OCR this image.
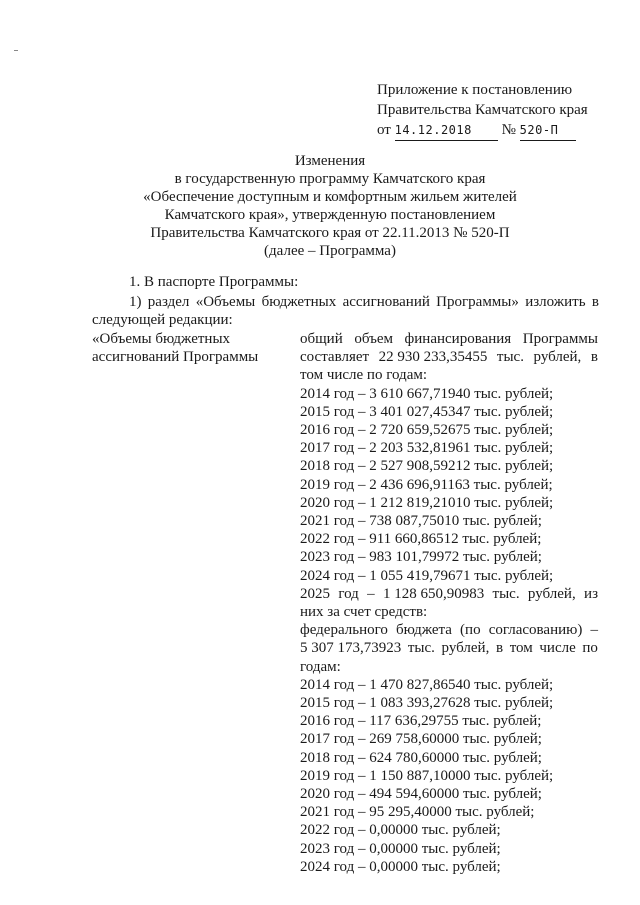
Приложение к постановлению
Правительства Камчатского края
от 14.12.2018 № 520-П
Изменения
в государственную программу Камчатского края
«Обеспечение доступным и комфортным жильем жителей
Камчатского края», утвержденную постановлением
Правительства Камчатского края от 22.11.2013 № 520-П
(далее – Программа)
1. В паспорте Программы:
1) раздел «Объемы бюджетных ассигнований Программы» изложить в
следующей редакции:
«Объемы бюджетных
ассигнований Программы
общий объем финансирования Программы
составляет 22 930 233,35455 тыс. рублей, в
том числе по годам:
2014 год – 3 610 667,71940 тыс. рублей;
2015 год – 3 401 027,45347 тыс. рублей;
2016 год – 2 720 659,52675 тыс. рублей;
2017 год – 2 203 532,81961 тыс. рублей;
2018 год – 2 527 908,59212 тыс. рублей;
2019 год – 2 436 696,91163 тыс. рублей;
2020 год – 1 212 819,21010 тыс. рублей;
2021 год – 738 087,75010 тыс. рублей;
2022 год – 911 660,86512 тыс. рублей;
2023 год – 983 101,79972 тыс. рублей;
2024 год – 1 055 419,79671 тыс. рублей;
2025 год – 1 128 650,90983 тыс. рублей, из
них за счет средств:
федерального бюджета (по согласованию) –
5 307 173,73923 тыс. рублей, в том числе по
годам:
2014 год – 1 470 827,86540 тыс. рублей;
2015 год – 1 083 393,27628 тыс. рублей;
2016 год – 117 636,29755 тыс. рублей;
2017 год – 269 758,60000 тыс. рублей;
2018 год – 624 780,60000 тыс. рублей;
2019 год – 1 150 887,10000 тыс. рублей;
2020 год – 494 594,60000 тыс. рублей;
2021 год – 95 295,40000 тыс. рублей;
2022 год – 0,00000 тыс. рублей;
2023 год – 0,00000 тыс. рублей;
2024 год – 0,00000 тыс. рублей;
